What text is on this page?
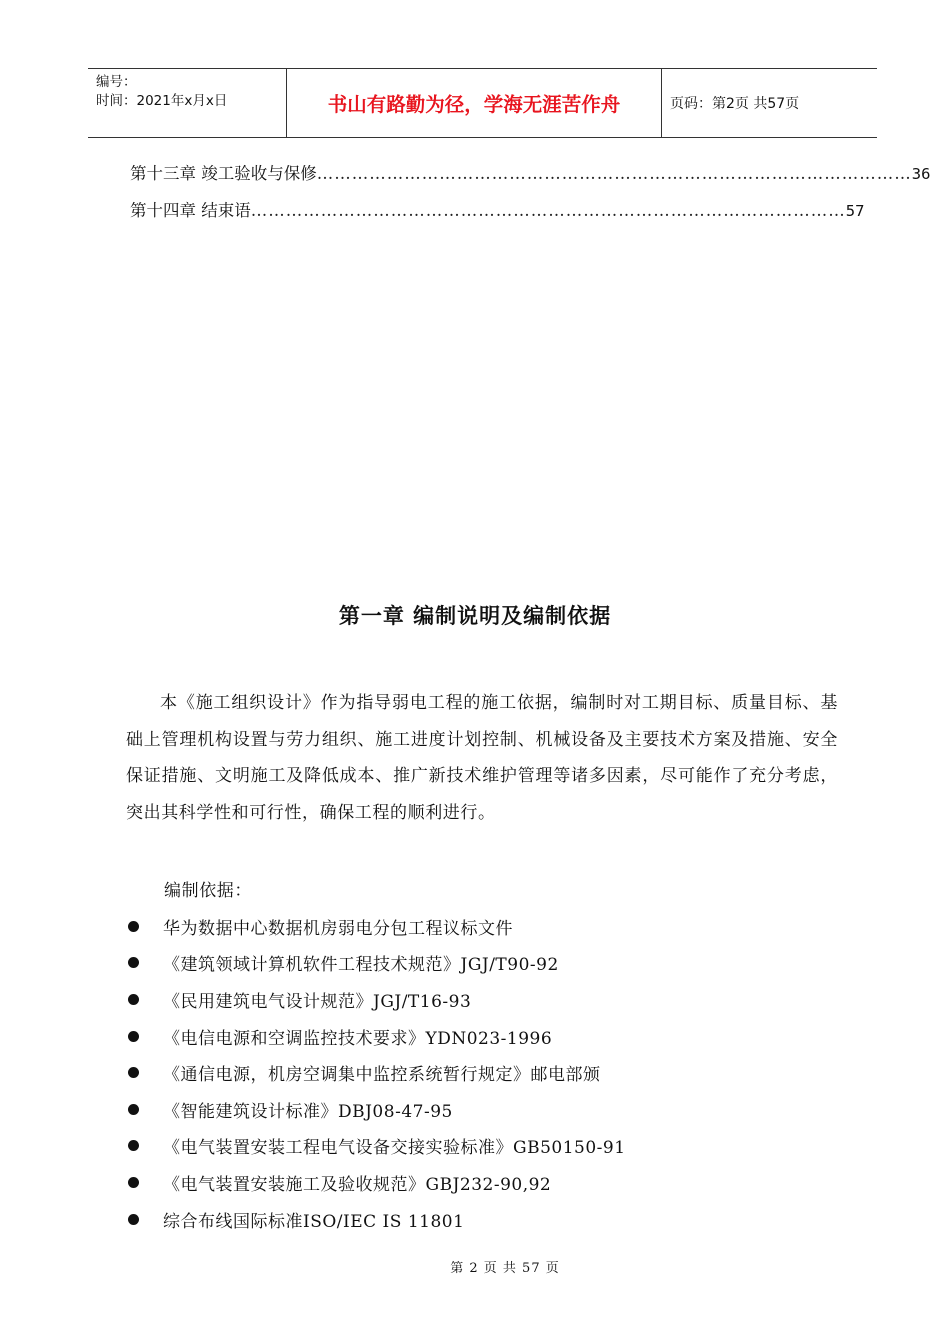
编号：
时间：2021年x月x日	书山有路勤为径，学海无涯苦作舟	页码：第2页 共57页
第十三章 竣工验收与保修 ………………………………………………………………………………………… 36
第十四章 结束语 ………………………………………………………………………………………… 57
第一章 编制说明及编制依据
本《施工组织设计》作为指导弱电工程的施工依据，编制时对工期目标、质量目标、基础上管理机构设置与劳力组织、施工进度计划控制、机械设备及主要技术方案及措施、安全保证措施、文明施工及降低成本、推广新技术维护管理等诸多因素，尽可能作了充分考虑，突出其科学性和可行性，确保工程的顺利进行。
编制依据：
华为数据中心数据机房弱电分包工程议标文件
《建筑领域计算机软件工程技术规范》JGJ/T90-92
《民用建筑电气设计规范》JGJ/T16-93
《电信电源和空调监控技术要求》YDN023-1996
《通信电源，机房空调集中监控系统暂行规定》邮电部颁
《智能建筑设计标准》DBJ08-47-95
《电气装置安装工程电气设备交接实验标准》GB50150-91
《电气装置安装施工及验收规范》GBJ232-90,92
综合布线国际标准ISO/IEC IS 11801
第 2 页 共 57 页
